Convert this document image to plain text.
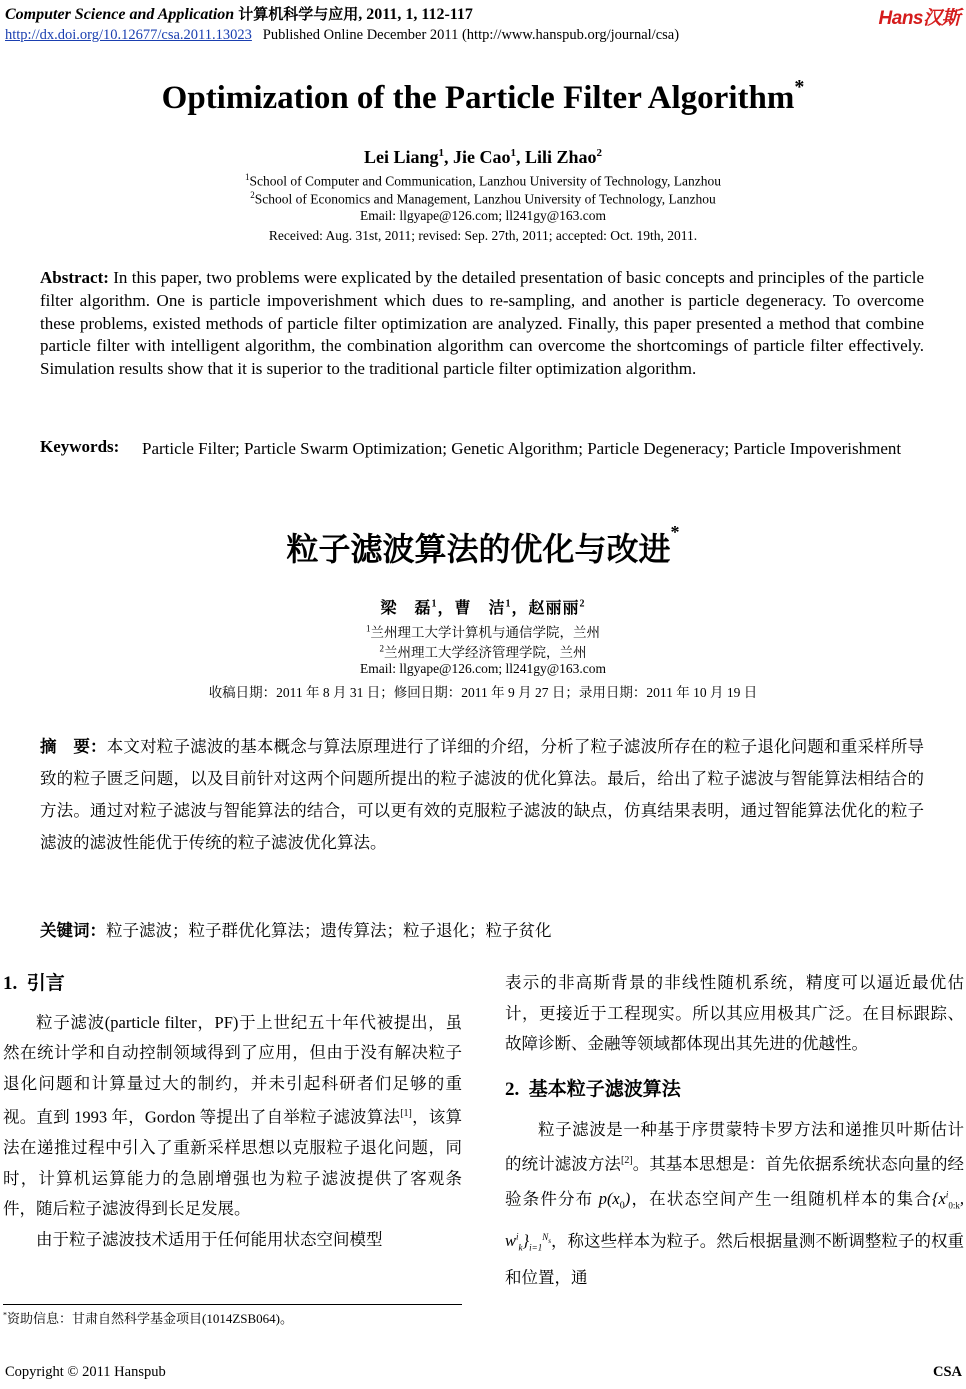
Computer Science and Application 计算机科学与应用, 2011, 1, 112-117
http://dx.doi.org/10.12677/csa.2011.13023 Published Online December 2011 (http://www.hanspub.org/journal/csa)
Hans汉斯
Optimization of the Particle Filter Algorithm*
Lei Liang$^1$, Jie Cao$^1$, Lili Zhao$^2$
$^1$School of Computer and Communication, Lanzhou University of Technology, Lanzhou
$^2$School of Economics and Management, Lanzhou University of Technology, Lanzhou
Email: llgyape@126.com; ll241gy@163.com
Received: Aug. 31st, 2011; revised: Sep. 27th, 2011; accepted: Oct. 19th, 2011.
Abstract: In this paper, two problems were explicated by the detailed presentation of basic concepts and principles of the particle filter algorithm. One is particle impoverishment which dues to re-sampling, and another is particle degeneracy. To overcome these problems, existed methods of particle filter optimization are analyzed. Finally, this paper presented a method that combine particle filter with intelligent algorithm, the combination algorithm can overcome the shortcomings of particle filter effectively. Simulation results show that it is superior to the traditional particle filter optimization algorithm.
Keywords: Particle Filter; Particle Swarm Optimization; Genetic Algorithm; Particle Degeneracy; Particle Impoverishment
粒子滤波算法的优化与改进*
梁　磊$^1$，曹　洁$^1$，赵丽丽$^2$
$^1$兰州理工大学计算机与通信学院，兰州
$^2$兰州理工大学经济管理学院，兰州
Email: llgyape@126.com; ll241gy@163.com
收稿日期：2011 年 8 月 31 日；修回日期：2011 年 9 月 27 日；录用日期：2011 年 10 月 19 日
摘　要：本文对粒子滤波的基本概念与算法原理进行了详细的介绍，分析了粒子滤波所存在的粒子退化问题和重采样所导致的粒子匮乏问题，以及目前针对这两个问题所提出的粒子滤波的优化算法。最后，给出了粒子滤波与智能算法相结合的方法。通过对粒子滤波与智能算法的结合，可以更有效的克服粒子滤波的缺点，仿真结果表明，通过智能算法优化的粒子滤波的滤波性能优于传统的粒子滤波优化算法。
关键词：粒子滤波；粒子群优化算法；遗传算法；粒子退化；粒子贫化
1. 引言
粒子滤波(particle filter，PF)于上世纪五十年代被提出，虽然在统计学和自动控制领域得到了应用，但由于没有解决粒子退化问题和计算量过大的制约，并未引起科研者们足够的重视。直到 1993 年，Gordon 等提出了自举粒子滤波算法[1]，该算法在递推过程中引入了重新采样思想以克服粒子退化问题，同时，计算机运算能力的急剧增强也为粒子滤波提供了客观条件，随后粒子滤波得到长足发展。
由于粒子滤波技术适用于任何能用状态空间模型
*资助信息：甘肃自然科学基金项目(1014ZSB064)。
表示的非高斯背景的非线性随机系统，精度可以逼近最优估计，更接近于工程现实。所以其应用极其广泛。在目标跟踪、故障诊断、金融等领域都体现出其先进的优越性。
2. 基本粒子滤波算法
粒子滤波是一种基于序贯蒙特卡罗方法和递推贝叶斯估计的统计滤波方法[2]。其基本思想是：首先依据系统状态向量的经验条件分布 $p(x_0)$，在状态空间产生一组随机样本的集合{$x^i_{0:k}$, $w^i_k\}_{i=1}^{N_s}$，称这些样本为粒子。然后根据量测不断调整粒子的权重和位置，通
Copyright © 2011 Hanspub	CSA
